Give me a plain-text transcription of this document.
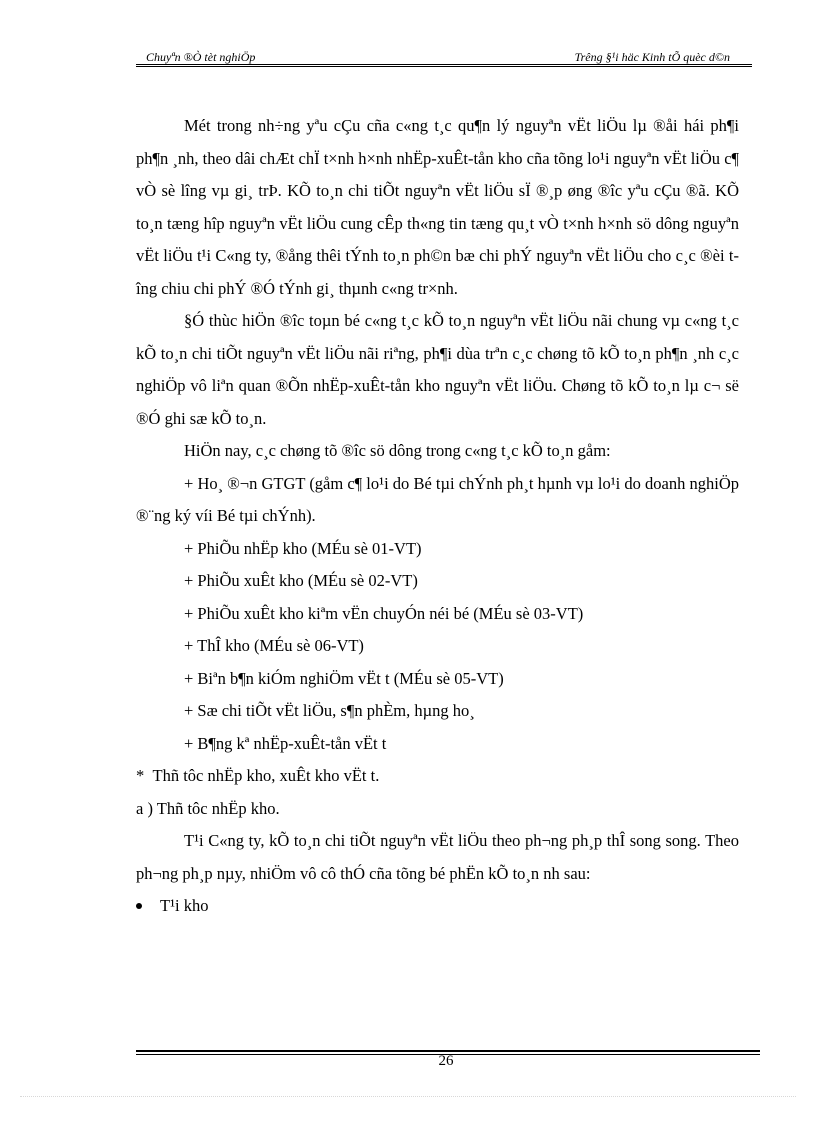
Chuyªn ®Ò tèt nghiÖp	Trêng §¹i häc Kinh tÕ quèc d©n

Mét trong nh÷ng yªu cÇu cña c«ng t¸c qu¶n lý nguyªn vËt liÖu lµ ®åi hái ph¶i ph¶n ¸nh, theo dâi chÆt chÏ t×nh h×nh nhËp-xuÊt-tån kho cña tõng lo¹i nguyªn vËt liÖu c¶ vÒ sè lîng vµ gi¸ trÞ. KÕ to¸n chi tiÕt nguyªn vËt liÖu sÏ ®¸p øng ®îc yªu cÇu ®ã. KÕ to¸n tæng hîp nguyªn vËt liÖu cung cÊp th«ng tin tæng qu¸t vÒ t×nh h×nh sö dông nguyªn vËt liÖu t¹i C«ng ty, ®ång thêi tÝnh to¸n ph©n bæ chi phÝ nguyªn vËt liÖu cho c¸c ®èi tîng chiu chi phÝ ®Ó tÝnh gi¸ thµnh c«ng tr×nh.

§Ó thùc hiÖn ®îc toµn bé c«ng t¸c kÕ to¸n nguyªn vËt liÖu nãi chung vµ c«ng t¸c kÕ to¸n chi tiÕt nguyªn vËt liÖu nãi riªng, ph¶i dùa trªn c¸c chøng tõ kÕ to¸n ph¶n ¸nh c¸c nghiÖp vô liªn quan ®Õn nhËp-xuÊt-tån kho nguyªn vËt liÖu. Chøng tõ kÕ to¸n lµ c¬ së ®Ó ghi sæ kÕ to¸n.

HiÖn nay, c¸c chøng tõ ®îc sö dông trong c«ng t¸c kÕ to¸n gåm:

+ Ho¸ ®¬n GTGT (gåm c¶ lo¹i do Bé tµi chÝnh ph¸t hµnh vµ lo¹i do doanh nghiÖp ®¨ng ký víi Bé tµi chÝnh).

+ PhiÕu nhËp kho (MÉu sè 01-VT)

+ PhiÕu xuÊt kho (MÉu sè 02-VT)

+ PhiÕu xuÊt kho kiªm vËn chuyÓn néi bé (MÉu sè 03-VT)

+ ThÎ kho (MÉu sè 06-VT)

+ Biªn b¶n kiÓm nghiÖm vËt t (MÉu sè 05-VT)

+ Sæ chi tiÕt vËt liÖu, s¶n phÈm, hµng ho¸

+ B¶ng kª nhËp-xuÊt-tån vËt t

* Thñ tôc nhËp kho, xuÊt kho vËt t.

a ) Thñ tôc nhËp kho.

T¹i C«ng ty, kÕ to¸n chi tiÕt nguyªn vËt liÖu theo ph¬ng ph¸p thÎ song song. Theo ph¬ng ph¸p nµy, nhiÖm vô cô thÓ cña tõng bé phËn kÕ to¸n nh sau:

T¹i kho

26
